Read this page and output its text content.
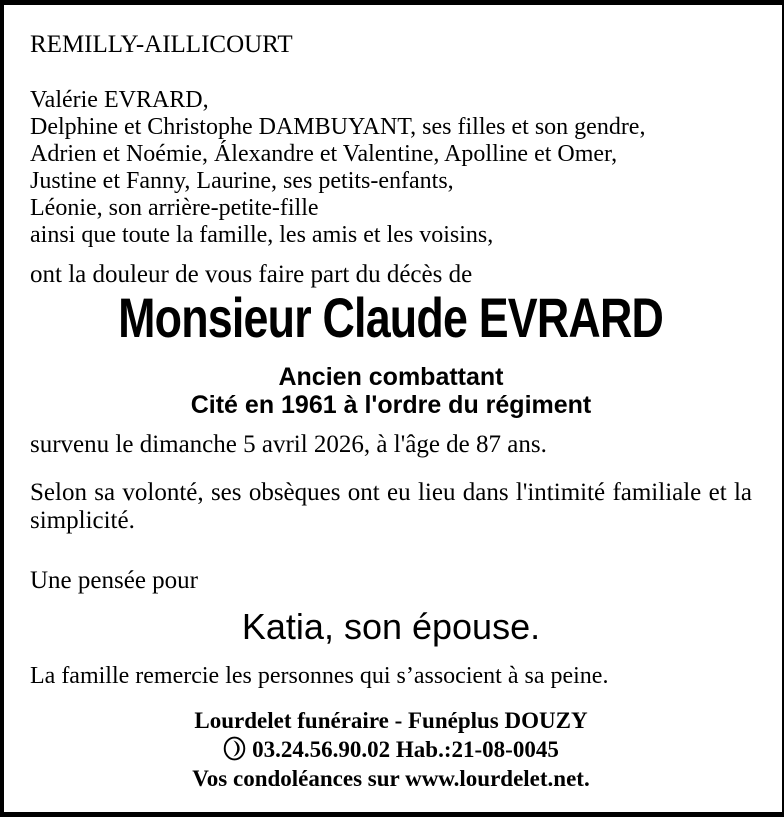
REMILLY-AILLICOURT
Valérie EVRARD,
Delphine et Christophe DAMBUYANT, ses filles et son gendre,
Adrien et Noémie, Álexandre et Valentine, Apolline et Omer,
Justine et Fanny, Laurine, ses petits-enfants,
Léonie, son arrière-petite-fille
ainsi que toute la famille, les amis et les voisins,
ont la douleur de vous faire part du décès de
Monsieur Claude EVRARD
Ancien combattant
Cité en 1961 à l'ordre du régiment
survenu le dimanche 5 avril 2026, à l'âge de 87 ans.
Selon sa volonté, ses obsèques ont eu lieu dans l'intimité familiale et la simplicité.
Une pensée pour
Katia, son épouse.
La famille remercie les personnes qui s’associent à sa peine.
Lourdelet funéraire - Funéplus DOUZY
03.24.56.90.02 Hab.:21-08-0045
Vos condoléances sur www.lourdelet.net.
